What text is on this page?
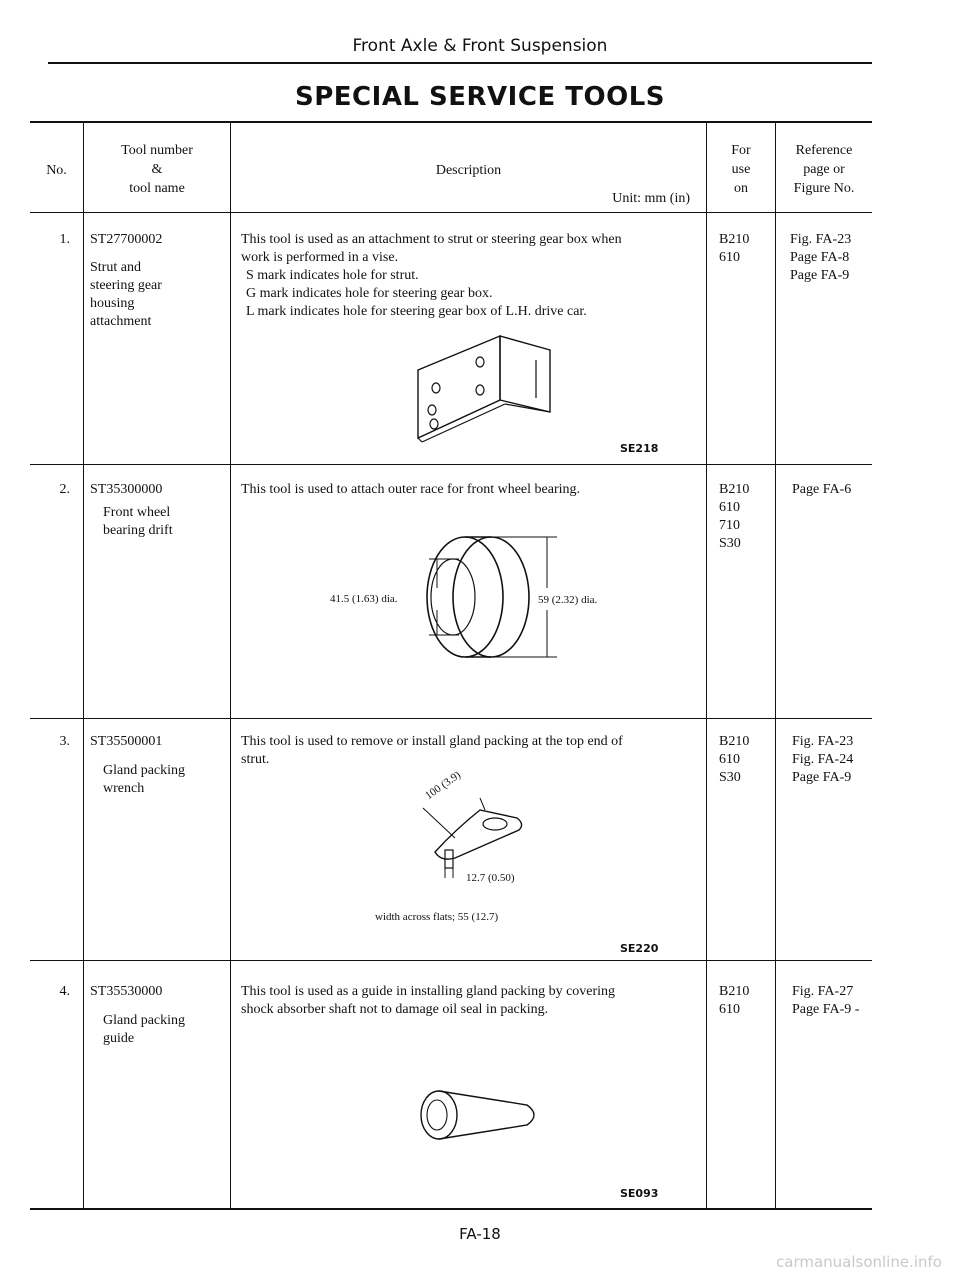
Front Axle & Front Suspension
SPECIAL SERVICE TOOLS
No.
Tool number
&
tool name
Description
Unit: mm (in)
For
use
on
Reference
page or
Figure No.
1. ST27700002
Strut and
steering gear
housing
attachment
This tool is used as an attachment to strut or steering gear box when
work is performed in a vise.
S mark indicates hole for strut.
G mark indicates hole for steering gear box.
L mark indicates hole for steering gear box of L.H. drive car.
SE218
B210
610
Fig. FA-23
Page FA-8
Page FA-9
2. ST35300000
Front wheel
bearing drift
This tool is used to attach outer race for front wheel bearing.
41.5 (1.63) dia.	59 (2.32) dia.
B210
610
710
S30
Page FA-6
3. ST35500001
Gland packing
wrench
This tool is used to remove or install gland packing at the top end of
strut.
100 (3.9)
12.7 (0.50)
width across flats; 55 (12.7)
SE220
B210
610
S30
Fig. FA-23
Fig. FA-24
Page FA-9
4. ST35530000
Gland packing
guide
This tool is used as a guide in installing gland packing by covering
shock absorber shaft not to damage oil seal in packing.
SE093
B210
610
Fig. FA-27
Page FA-9 -
FA-18
carmanualsonline.info
